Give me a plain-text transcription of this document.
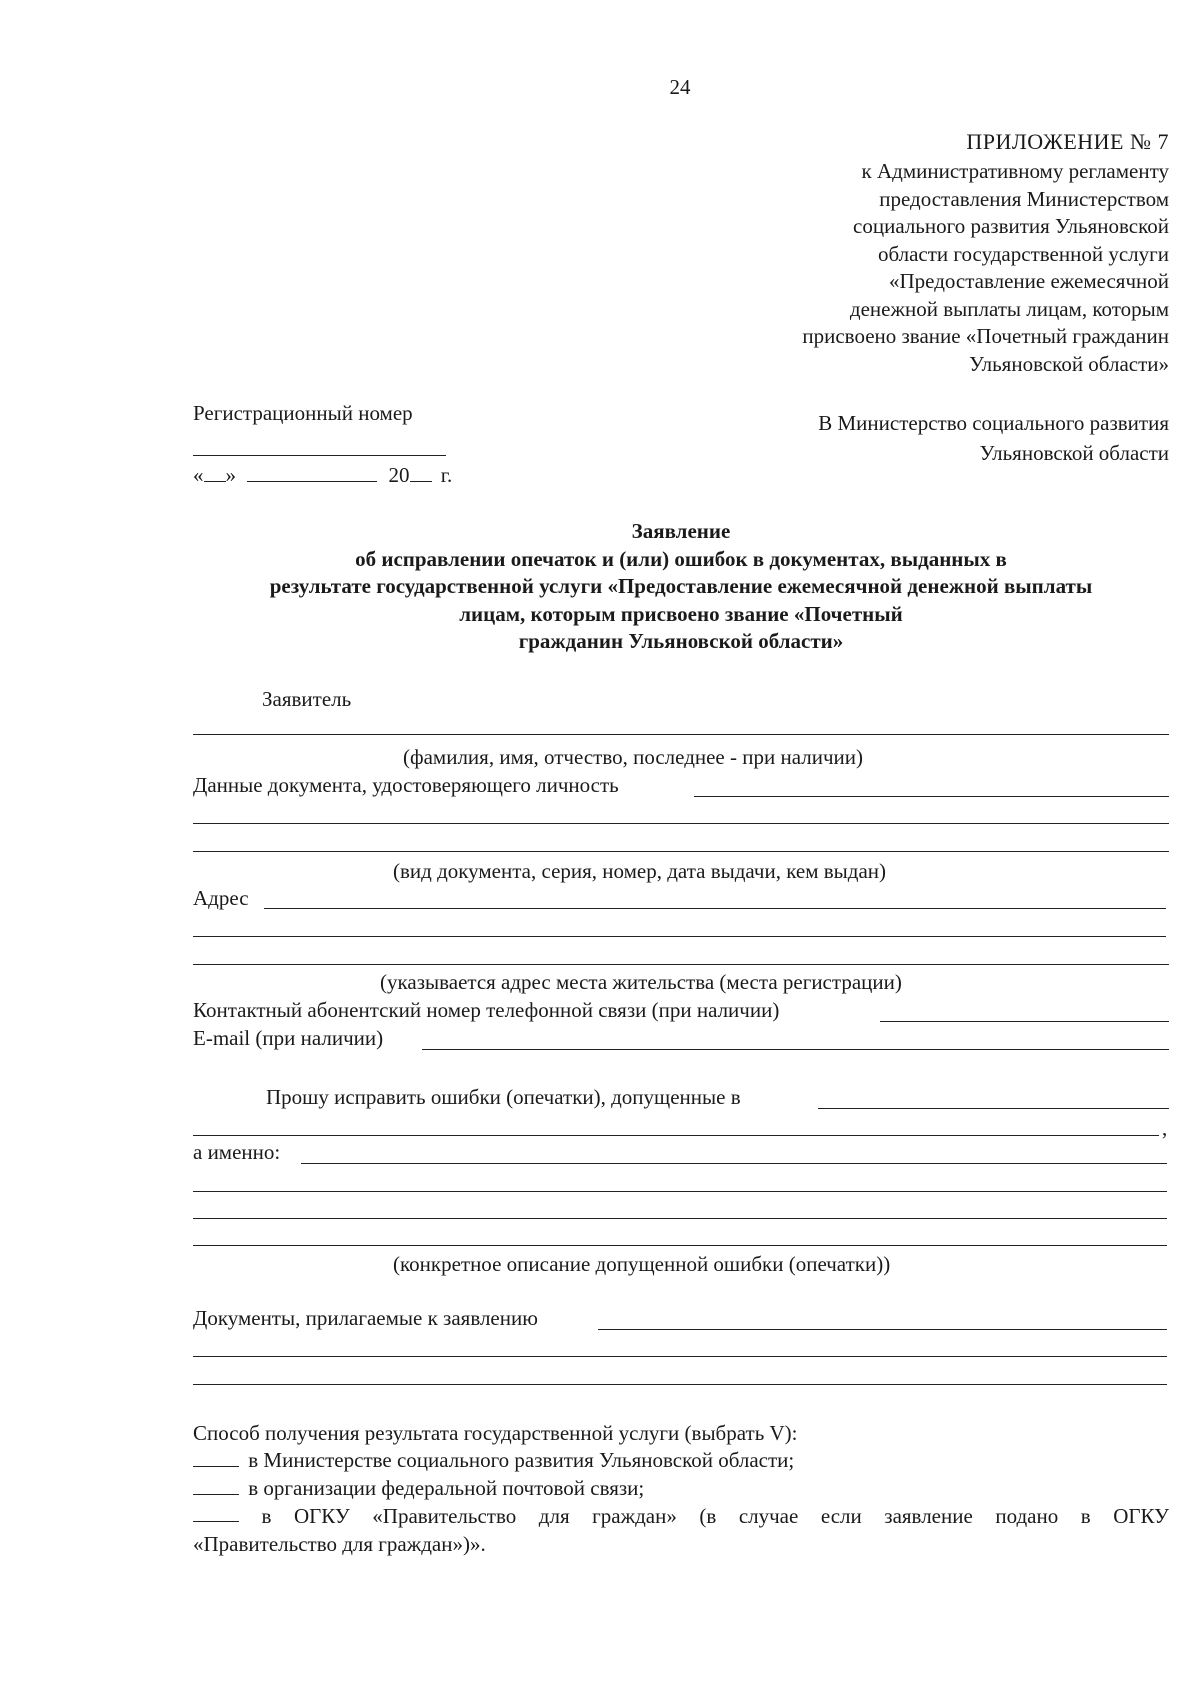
24
ПРИЛОЖЕНИЕ № 7
к Административному регламенту
предоставления Министерством
социального развития Ульяновской
области государственной услуги
«Предоставление ежемесячной
денежной выплаты лицам, которым
присвоено звание «Почетный гражданин
Ульяновской области»
Регистрационный номер
« »	20 г.
В Министерство социального развития
Ульяновской области
Заявление
об исправлении опечаток и (или) ошибок в документах, выданных в
результате государственной услуги «Предоставление ежемесячной денежной выплаты
лицам, которым присвоено звание «Почетный
гражданин Ульяновской области»
Заявитель
(фамилия, имя, отчество, последнее - при наличии)
Данные документа, удостоверяющего личность
(вид документа, серия, номер, дата выдачи, кем выдан)
Адрес
(указывается адрес места жительства (места регистрации)
Контактный абонентский номер телефонной связи (при наличии)
E-mail (при наличии)
Прошу исправить ошибки (опечатки), допущенные в
,
а именно:
(конкретное описание допущенной ошибки (опечатки))
Документы, прилагаемые к заявлению
Способ получения результата государственной услуги (выбрать V):
в Министерстве социального развития Ульяновской области;
в организации федеральной почтовой связи;
в ОГКУ «Правительство для граждан» (в случае если заявление подано в ОГКУ
«Правительство для граждан»)».
